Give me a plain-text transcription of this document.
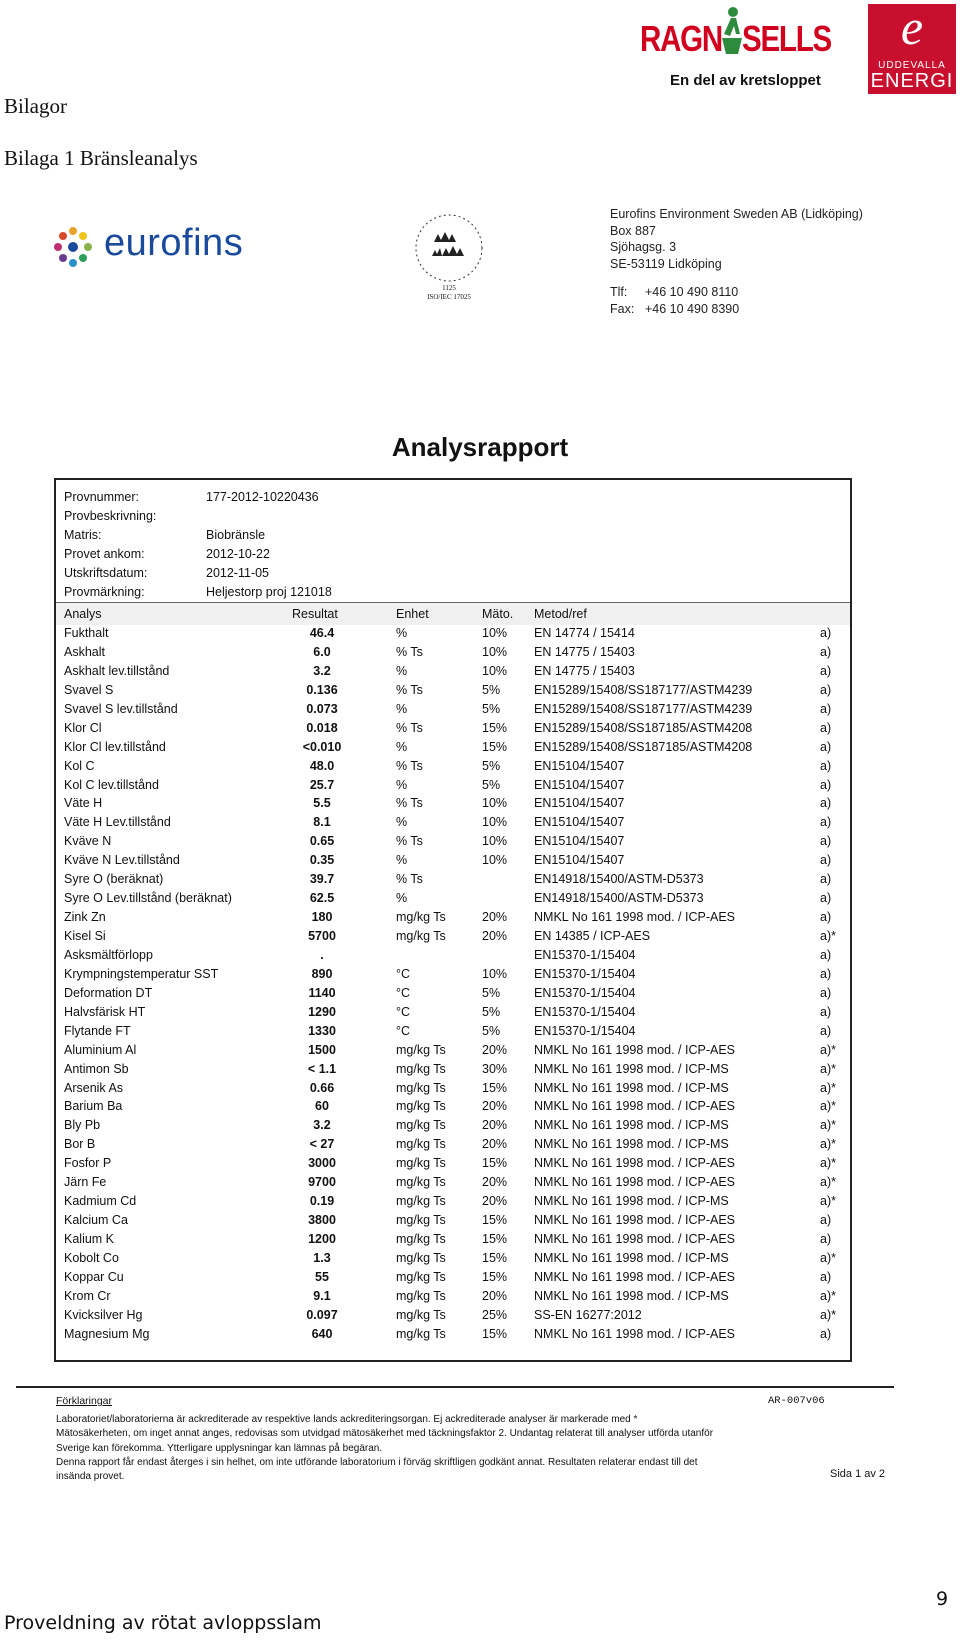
Bilagor
Bilaga 1 Bränsleanalys
RAGN SELLS
En del av kretsloppet
e
UDDEVALLA
ENERGI
eurofins
1125
ISO/IEC 17025
Eurofins Environment Sweden AB (Lidköping)
Box 887
Sjöhagsg. 3
SE-53119 Lidköping
Tlf: +46 10 490 8110
Fax: +46 10 490 8390
Analysrapport
Provnummer:	177-2012-10220436
Provbeskrivning:
Matris:	Biobränsle
Provet ankom:	2012-10-22
Utskriftsdatum:	2012-11-05
Provmärkning:	Heljestorp proj 121018
Analys	Resultat	Enhet	Mäto. Metod/ref
Fukthalt	46.4	%	10% EN 14774 / 15414	a)
Askhalt	6.0	% Ts	10% EN 14775 / 15403	a)
Askhalt lev.tillstånd	3.2	%	10% EN 14775 / 15403	a)
Svavel S	0.136	% Ts	5%	EN15289/15408/SS187177/ASTM4239	a)
Svavel S lev.tillstånd	0.073	%	5%	EN15289/15408/SS187177/ASTM4239	a)
Klor Cl	0.018	% Ts	15% EN15289/15408/SS187185/ASTM4208	a)
Klor Cl lev.tillstånd	<0.010	%	15% EN15289/15408/SS187185/ASTM4208	a)
Kol C	48.0	% Ts	5%	EN15104/15407	a)
Kol C lev.tillstånd	25.7	%	5%	EN15104/15407	a)
Väte H	5.5	% Ts	10% EN15104/15407	a)
Väte H Lev.tillstånd	8.1	%	10% EN15104/15407	a)
Kväve N	0.65	% Ts	10% EN15104/15407	a)
Kväve N Lev.tillstånd	0.35	%	10% EN15104/15407	a)
Syre O (beräknat)	39.7	% Ts	EN14918/15400/ASTM-D5373	a)
Syre O Lev.tillstånd (beräknat)	62.5	%	EN14918/15400/ASTM-D5373	a)
Zink Zn	180	mg/kg Ts	20% NMKL No 161 1998 mod. / ICP-AES	a)
Kisel Si	5700	mg/kg Ts	20% EN 14385 / ICP-AES	a)*
Asksmältförlopp	.	EN15370-1/15404	a)
Krympningstemperatur SST	890	°C	10% EN15370-1/15404	a)
Deformation DT	1140	°C	5%	EN15370-1/15404	a)
Halvsfärisk HT	1290	°C	5%	EN15370-1/15404	a)
Flytande FT	1330	°C	5%	EN15370-1/15404	a)
Aluminium Al	1500	mg/kg Ts	20% NMKL No 161 1998 mod. / ICP-AES	a)*
Antimon Sb	< 1.1	mg/kg Ts	30% NMKL No 161 1998 mod. / ICP-MS	a)*
Arsenik As	0.66	mg/kg Ts	15% NMKL No 161 1998 mod. / ICP-MS	a)*
Barium Ba	60	mg/kg Ts	20% NMKL No 161 1998 mod. / ICP-AES	a)*
Bly Pb	3.2	mg/kg Ts	20% NMKL No 161 1998 mod. / ICP-MS	a)*
Bor B	< 27	mg/kg Ts	20% NMKL No 161 1998 mod. / ICP-MS	a)*
Fosfor P	3000	mg/kg Ts	15% NMKL No 161 1998 mod. / ICP-AES	a)*
Järn Fe	9700	mg/kg Ts	20% NMKL No 161 1998 mod. / ICP-AES	a)*
Kadmium Cd	0.19	mg/kg Ts	20% NMKL No 161 1998 mod. / ICP-MS	a)*
Kalcium Ca	3800	mg/kg Ts	15% NMKL No 161 1998 mod. / ICP-AES	a)
Kalium K	1200	mg/kg Ts	15% NMKL No 161 1998 mod. / ICP-AES	a)
Kobolt Co	1.3	mg/kg Ts	15% NMKL No 161 1998 mod. / ICP-MS	a)*
Koppar Cu	55	mg/kg Ts	15% NMKL No 161 1998 mod. / ICP-AES	a)
Krom Cr	9.1	mg/kg Ts	20% NMKL No 161 1998 mod. / ICP-MS	a)*
Kvicksilver Hg	0.097	mg/kg Ts	25% SS-EN 16277:2012	a)*
Magnesium Mg	640	mg/kg Ts	15% NMKL No 161 1998 mod. / ICP-AES	a)
Förklaringar	AR-007v06
Laboratoriet/laboratorierna är ackrediterade av respektive lands ackrediteringsorgan. Ej ackrediterade analyser är markerade med *
Mätosäkerheten, om inget annat anges, redovisas som utvidgad mätosäkerhet med täckningsfaktor 2. Undantag relaterat till analyser utförda utanför
Sverige kan förekomma. Ytterligare upplysningar kan lämnas på begäran.
Denna rapport får endast återges i sin helhet, om inte utförande laboratorium i förväg skriftligen godkänt annat. Resultaten relaterar endast till det
insända provet.	Sida 1 av 2
9
Proveldning av rötat avloppsslam
